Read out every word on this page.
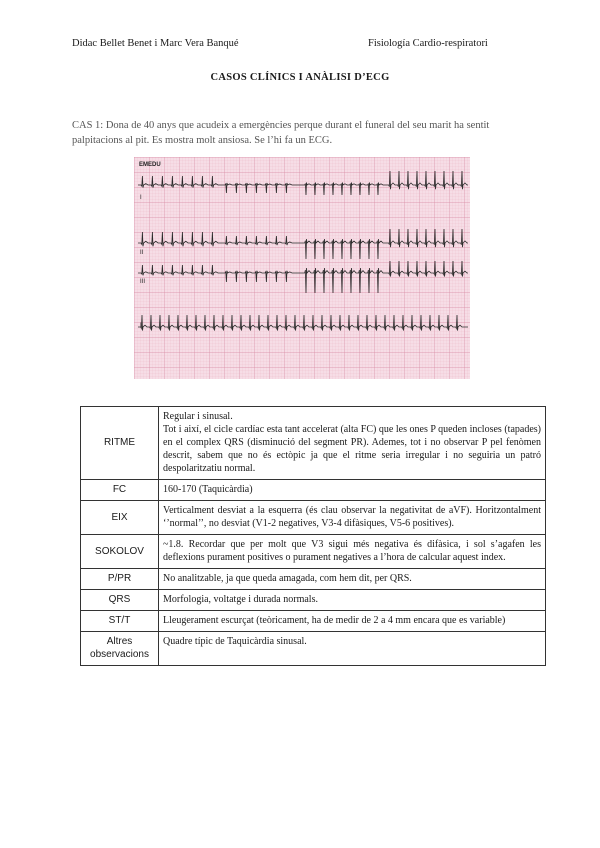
Didac Bellet Benet i Marc Vera Banqué	Fisiología Cardio-respiratori
CASOS CLÍNICS I ANÀLISI D’ECG
CAS 1: Dona de 40 anys que acudeix a emergències perque durant el funeral del seu marit ha sentit palpitacions al pit. Es mostra molt ansiosa. Se l’hi fa un ECG.
EMEDU
I
II
III
I
RITME	Regular i sinusal.
Tot i així, el cicle cardíac esta tant accelerat (alta FC) que les ones P queden incloses (tapades) en el complex QRS (disminució del segment PR). Ademes, tot i no observar P pel fenòmen descrit, sabem que no és ectòpic ja que el ritme seria irregular i no seguiria un patró despolaritzatiu normal.
FC	160-170 (Taquicàrdia)
EIX	Verticalment desviat a la esquerra (és clau observar la negativitat de aVF). Horitzontalment ‘’normal’’, no desviat (V1-2 negatives, V3-4 difàsiques, V5-6 positives).
SOKOLOV	~1.8. Recordar que per molt que V3 sigui més negativa és difàsica, i sol s’agafen les deflexions purament positives o purament negatives a l’hora de calcular aquest index.
P/PR	No analitzable, ja que queda amagada, com hem dit, per QRS.
QRS	Morfologia, voltatge i durada normals.
ST/T	Lleugerament escurçat (teòricament, ha de medir de 2 a 4 mm encara que es variable)
Altres observacions	Quadre típic de Taquicàrdia sinusal.
